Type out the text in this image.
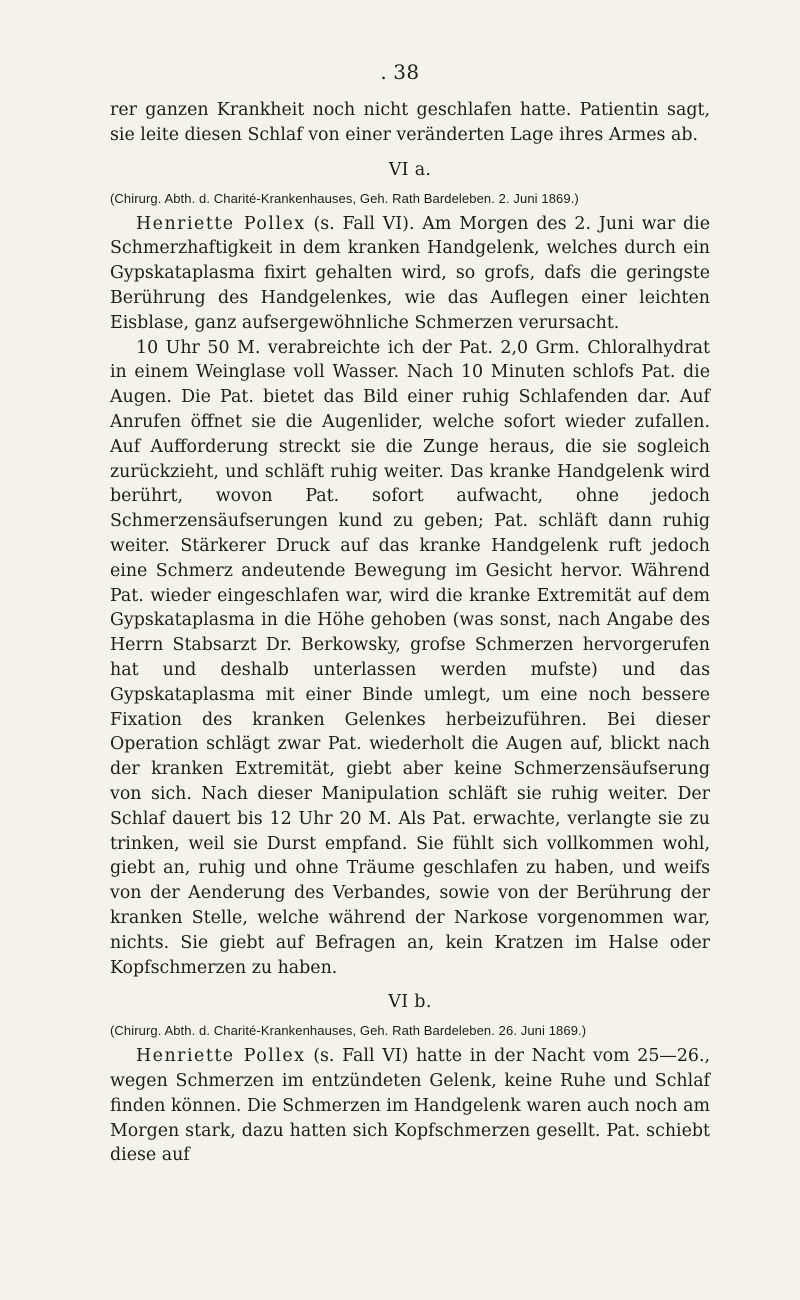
. 38

rer ganzen Krankheit noch nicht geschlafen hatte. Patientin sagt, sie leite diesen Schlaf von einer veränderten Lage ihres Armes ab.

VI a.

(Chirurg. Abth. d. Charité-Krankenhauses, Geh. Rath Bardeleben. 2. Juni 1869.)

Henriette Pollex (s. Fall VI). Am Morgen des 2. Juni war die Schmerzhaftigkeit in dem kranken Handgelenk, welches durch ein Gypskataplasma fixirt gehalten wird, so grofs, dafs die geringste Berührung des Handgelenkes, wie das Auflegen einer leichten Eisblase, ganz aufsergewöhnliche Schmerzen verursacht.

10 Uhr 50 M. verabreichte ich der Pat. 2,0 Grm. Chloralhydrat in einem Weinglase voll Wasser. Nach 10 Minuten schlofs Pat. die Augen. Die Pat. bietet das Bild einer ruhig Schlafenden dar. Auf Anrufen öffnet sie die Augenlider, welche sofort wieder zufallen. Auf Aufforderung streckt sie die Zunge heraus, die sie sogleich zurückzieht, und schläft ruhig weiter. Das kranke Handgelenk wird berührt, wovon Pat. sofort aufwacht, ohne jedoch Schmerzensäufserungen kund zu geben; Pat. schläft dann ruhig weiter. Stärkerer Druck auf das kranke Handgelenk ruft jedoch eine Schmerz andeutende Bewegung im Gesicht hervor. Während Pat. wieder eingeschlafen war, wird die kranke Extremität auf dem Gypskataplasma in die Höhe gehoben (was sonst, nach Angabe des Herrn Stabsarzt Dr. Berkowsky, grofse Schmerzen hervorgerufen hat und deshalb unterlassen werden mufste) und das Gypskataplasma mit einer Binde umlegt, um eine noch bessere Fixation des kranken Gelenkes herbeizuführen. Bei dieser Operation schlägt zwar Pat. wiederholt die Augen auf, blickt nach der kranken Extremität, giebt aber keine Schmerzensäufserung von sich. Nach dieser Manipulation schläft sie ruhig weiter. Der Schlaf dauert bis 12 Uhr 20 M. Als Pat. erwachte, verlangte sie zu trinken, weil sie Durst empfand. Sie fühlt sich vollkommen wohl, giebt an, ruhig und ohne Träume geschlafen zu haben, und weifs von der Aenderung des Verbandes, sowie von der Berührung der kranken Stelle, welche während der Narkose vorgenommen war, nichts. Sie giebt auf Befragen an, kein Kratzen im Halse oder Kopfschmerzen zu haben.

VI b.

(Chirurg. Abth. d. Charité-Krankenhauses, Geh. Rath Bardeleben. 26. Juni 1869.)

Henriette Pollex (s. Fall VI) hatte in der Nacht vom 25—26., wegen Schmerzen im entzündeten Gelenk, keine Ruhe und Schlaf finden können. Die Schmerzen im Handgelenk waren auch noch am Morgen stark, dazu hatten sich Kopfschmerzen gesellt. Pat. schiebt diese auf
